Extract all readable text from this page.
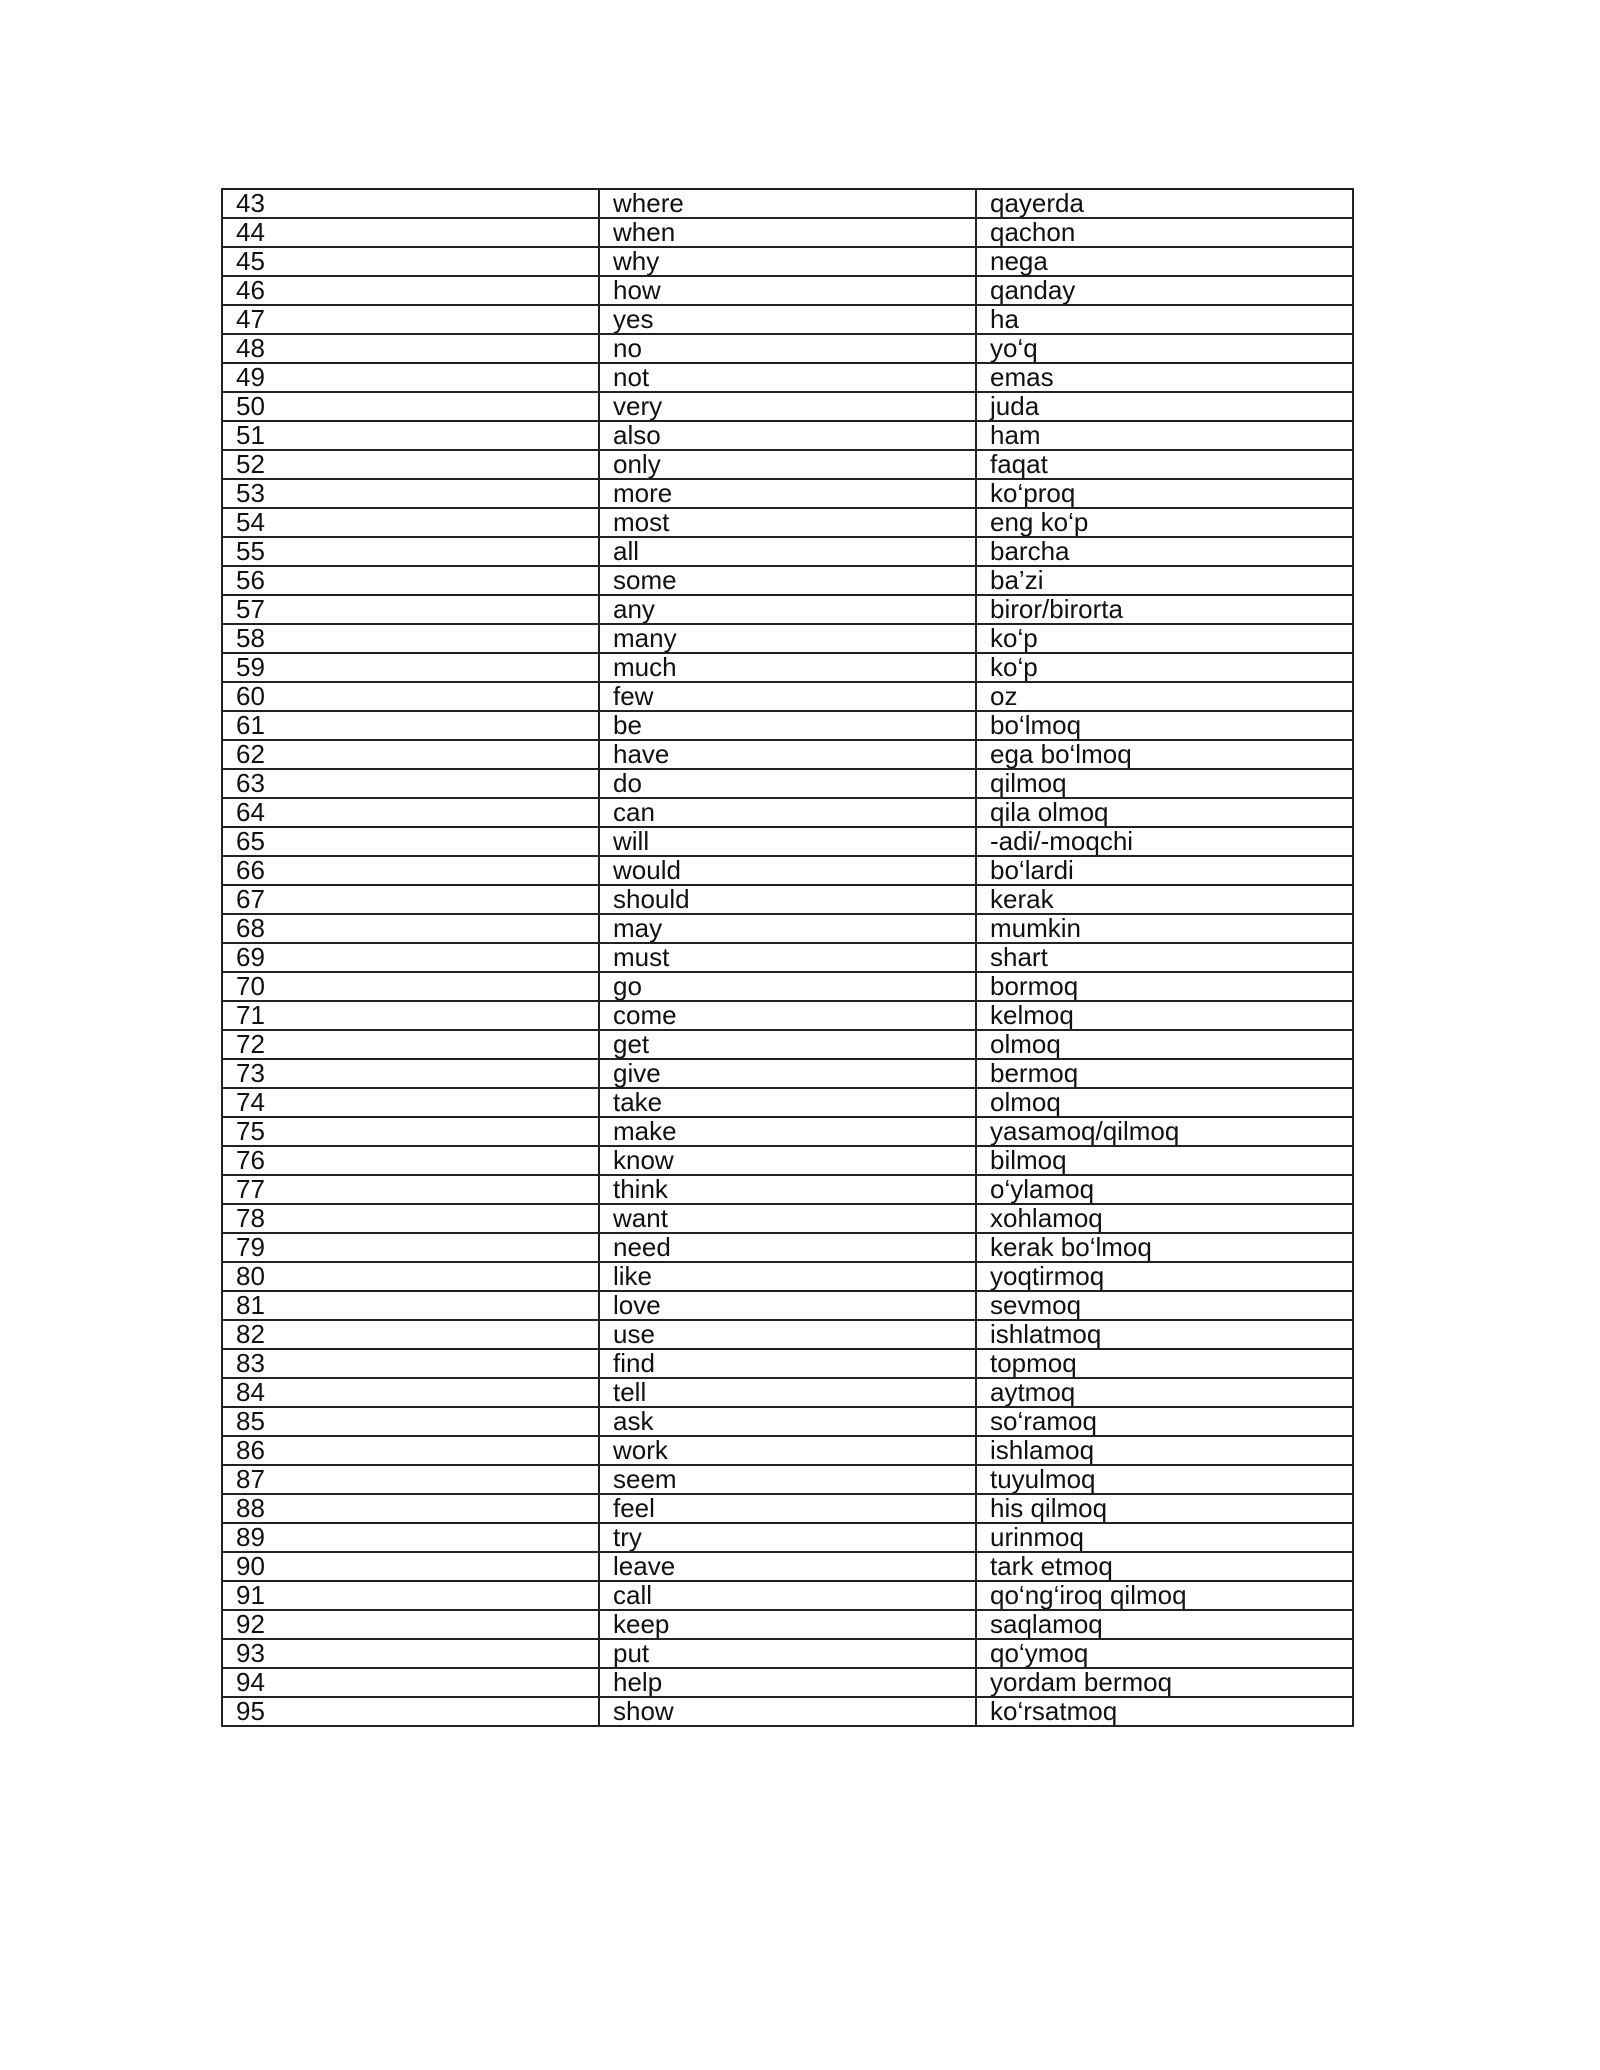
43	where	qayerda
44	when	qachon
45	why	nega
46	how	qanday
47	yes	ha
48	no	yo‘q
49	not	emas
50	very	juda
51	also	ham
52	only	faqat
53	more	ko‘proq
54	most	eng ko‘p
55	all	barcha
56	some	ba’zi
57	any	biror/birorta
58	many	ko‘p
59	much	ko‘p
60	few	oz
61	be	bo‘lmoq
62	have	ega bo‘lmoq
63	do	qilmoq
64	can	qila olmoq
65	will	-adi/-moqchi
66	would	bo‘lardi
67	should	kerak
68	may	mumkin
69	must	shart
70	go	bormoq
71	come	kelmoq
72	get	olmoq
73	give	bermoq
74	take	olmoq
75	make	yasamoq/qilmoq
76	know	bilmoq
77	think	o‘ylamoq
78	want	xohlamoq
79	need	kerak bo‘lmoq
80	like	yoqtirmoq
81	love	sevmoq
82	use	ishlatmoq
83	find	topmoq
84	tell	aytmoq
85	ask	so‘ramoq
86	work	ishlamoq
87	seem	tuyulmoq
88	feel	his qilmoq
89	try	urinmoq
90	leave	tark etmoq
91	call	qo‘ng‘iroq qilmoq
92	keep	saqlamoq
93	put	qo‘ymoq
94	help	yordam bermoq
95	show	ko‘rsatmoq
